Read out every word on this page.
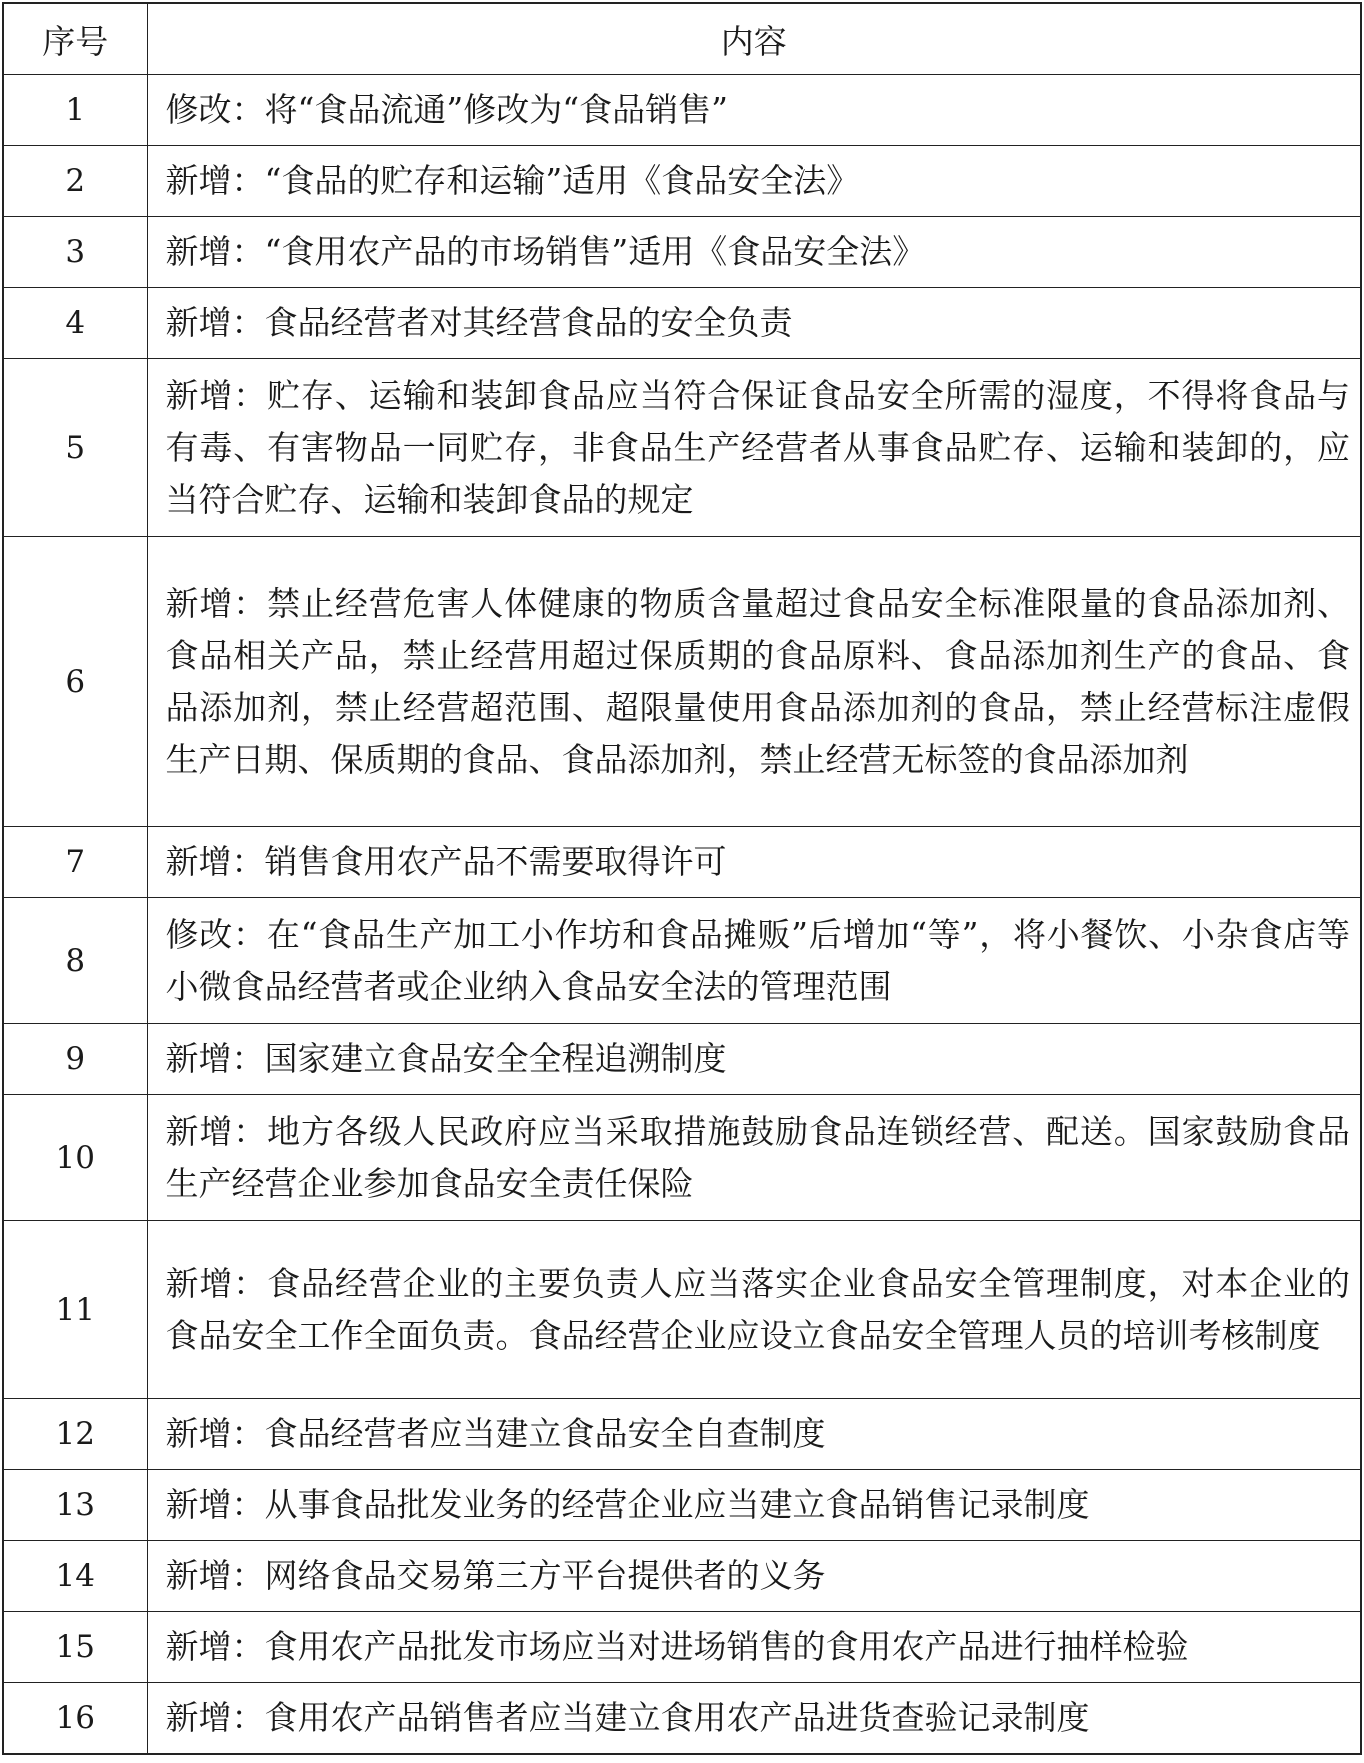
序号	内容
1	修改：将“食品流通”修改为“食品销售”
2	新增：“食品的贮存和运输”适用《食品安全法》
3	新增：“食用农产品的市场销售”适用《食品安全法》
4	新增：食品经营者对其经营食品的安全负责
5	新增：贮存、运输和装卸食品应当符合保证食品安全所需的湿度，不得将食品与有毒、有害物品一同贮存，非食品生产经营者从事食品贮存、运输和装卸的，应当符合贮存、运输和装卸食品的规定
6	新增：禁止经营危害人体健康的物质含量超过食品安全标准限量的食品添加剂、食品相关产品，禁止经营用超过保质期的食品原料、食品添加剂生产的食品、食品添加剂，禁止经营超范围、超限量使用食品添加剂的食品，禁止经营标注虚假生产日期、保质期的食品、食品添加剂，禁止经营无标签的食品添加剂
7	新增：销售食用农产品不需要取得许可
8	修改：在“食品生产加工小作坊和食品摊贩”后增加“等”，将小餐饮、小杂食店等小微食品经营者或企业纳入食品安全法的管理范围
9	新增：国家建立食品安全全程追溯制度
10	新增：地方各级人民政府应当采取措施鼓励食品连锁经营、配送。国家鼓励食品生产经营企业参加食品安全责任保险
11	新增：食品经营企业的主要负责人应当落实企业食品安全管理制度，对本企业的食品安全工作全面负责。食品经营企业应设立食品安全管理人员的培训考核制度
12	新增：食品经营者应当建立食品安全自查制度
13	新增：从事食品批发业务的经营企业应当建立食品销售记录制度
14	新增：网络食品交易第三方平台提供者的义务
15	新增：食用农产品批发市场应当对进场销售的食用农产品进行抽样检验
16	新增：食用农产品销售者应当建立食用农产品进货查验记录制度
